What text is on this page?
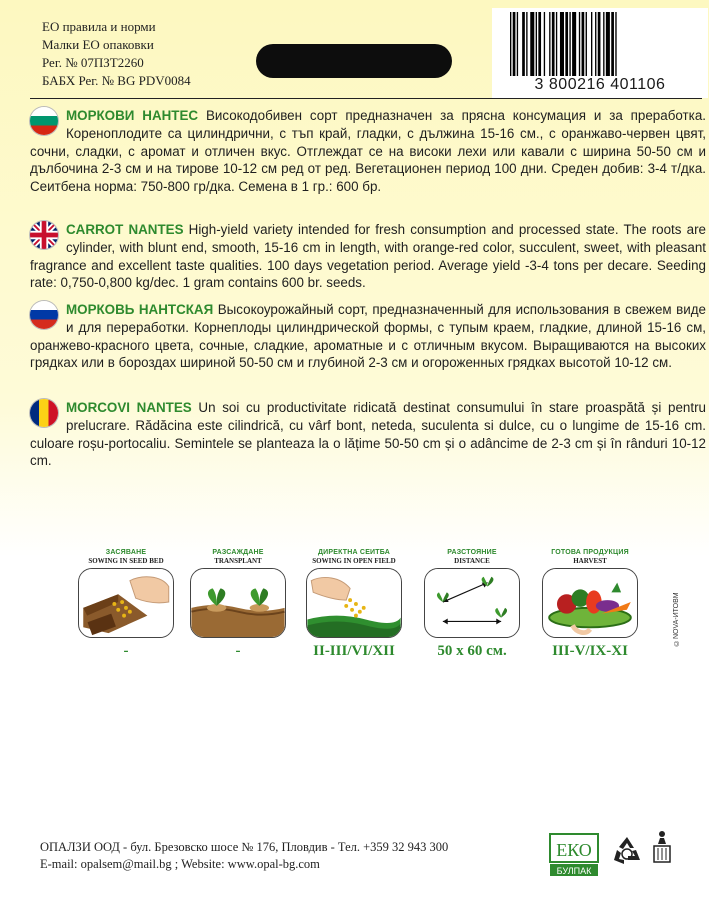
ЕО правила и норми
Малки ЕО опаковки
Рег. № 07ПЗТ2260
БАБХ Рег. № BG PDV0084	3 800216 401106
МОРКОВИ НАНТЕС Високодобивен сорт предназначен за прясна консумация и за преработка. Кореноплодите са цилиндрични, с тъп край, гладки, с дължина 15-16 см., с оранжаво-червен цвят, сочни, сладки, с аромат и отличен вкус. Отглеждат се на високи лехи или кавали с ширина 50-50 см и дълбочина 2-3 см и на тирове 10-12 см ред от ред. Вегетационен период 100 дни. Среден добив: 3-4 т/дка. Сеитбена норма: 750-800 гр/дка. Семена в 1 гр.: 600 бр.
CARROT NANTES High-yield variety intended for fresh consumption and processed state. The roots are cylinder, with blunt end, smooth, 15-16 cm in length, with orange-red color, succulent, sweet, with pleasant fragrance and excellent taste qualities. 100 days vegetation period. Average yield -3-4 tons per decare. Seeding rate: 0,750-0,800 kg/dec. 1 gram contains 600 br. seeds.
МОРКОВЬ НАНТСКАЯ Высокоурожайный сорт, предназначенный для использования в свежем виде и для переработки. Корнеплоды цилиндрической формы, с тупым краем, гладкие, длиной 15-16 см, оранжево-красного цвета, сочные, сладкие, ароматные и с отличным вкусом. Выращиваются на высоких грядках или в бороздах шириной 50-50 см и глубиной 2-3 см и огороженных грядках высотой 10-12 см.
MORCOVI NANTES Un soi cu productivitate ridicată destinat consumului în stare proaspătă și pentru prelucrare. Rădăcina este cilindrică, cu vârf bont, neteda, suculenta si dulce, cu o lungime de 15-16 cm. culoare roșu-portocaliu. Semintele se planteaza la o lățime 50-50 cm și o adâncime de 2-3 cm și în rânduri 10-12 cm.
ЗАСЯВАНЕ
SOWING IN SEED BED
-
РАЗСАЖДАНЕ
TRANSPLANT
-
ДИРЕКТНА СЕИТБА
SOWING IN OPEN FIELD
II-III/VI/XII
РАЗСТОЯНИЕ
DISTANCE
50 x 60 см.
ГОТОВА ПРОДУКЦИЯ
HARVEST
III-V/IX-XI
©NOVA-ИТОВМ
ОПАЛЗИ ООД - бул. Брезовско шосе № 176, Пловдив - Тел. +359 32 943 300
E-mail: opalsem@mail.bg ; Website: www.opal-bg.com
ЕКО
БУЛПАК
